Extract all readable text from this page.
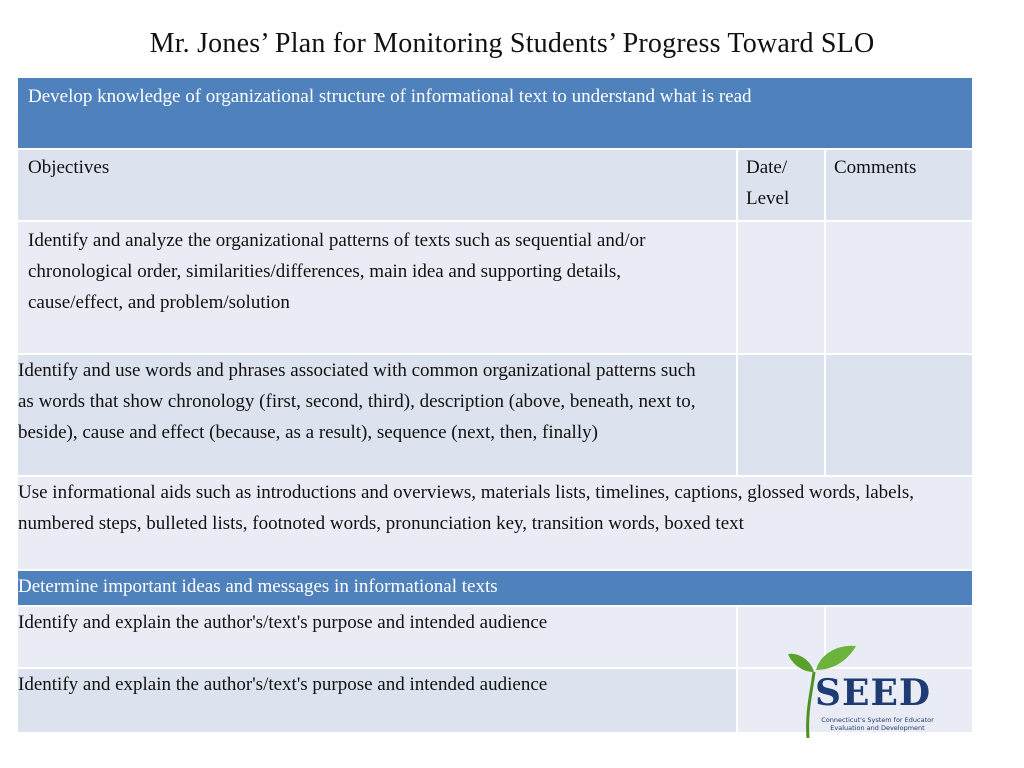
Mr. Jones’ Plan for Monitoring Students’ Progress Toward SLO
Develop knowledge of organizational structure of informational text to understand what is read
Objectives	Date/ Level
Comments
Identify and analyze the organizational patterns of texts such as sequential and/or chronological order, similarities/differences, main idea and supporting details, cause/effect, and problem/solution
Identify and use words and phrases associated with common organizational patterns such as words that show chronology (first, second, third), description (above, beneath, next to, beside), cause and effect (because, as a result), sequence (next, then, finally)
Use informational aids such as introductions and overviews, materials lists, timelines, captions, glossed words, labels, numbered steps, bulleted lists, footnoted words, pronunciation key, transition words, boxed text
Determine important ideas and messages in informational texts
Identify and explain the author's/text's purpose and intended audience
Identify and explain the author's/text's purpose and intended audience	SEED
Connecticut's System for Educator Evaluation and Development
